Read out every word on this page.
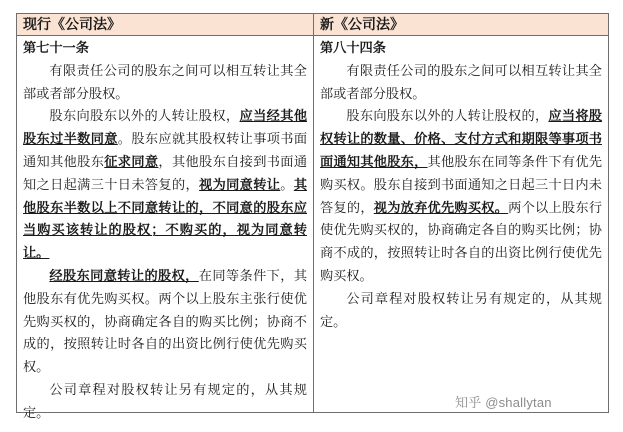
现行《公司法》
第七十一条

有限责任公司的股东之间可以相互转让其全部或者部分股权。

股东向股东以外的人转让股权，应当经其他股东过半数同意。股东应就其股权转让事项书面通知其他股东征求同意，其他股东自接到书面通知之日起满三十日未答复的，视为同意转让。其他股东半数以上不同意转让的，不同意的股东应当购买该转让的股权；不购买的，视为同意转让。

经股东同意转让的股权，在同等条件下，其他股东有优先购买权。两个以上股东主张行使优先购买权的，协商确定各自的购买比例；协商不成的，按照转让时各自的出资比例行使优先购买权。

公司章程对股权转让另有规定的，从其规定。

新《公司法》
第八十四条

有限责任公司的股东之间可以相互转让其全部或者部分股权。

股东向股东以外的人转让股权的，应当将股权转让的数量、价格、支付方式和期限等事项书面通知其他股东，其他股东在同等条件下有优先购买权。股东自接到书面通知之日起三十日内未答复的，视为放弃优先购买权。两个以上股东行使优先购买权的，协商确定各自的购买比例；协商不成的，按照转让时各自的出资比例行使优先购买权。

公司章程对股权转让另有规定的，从其规定。

知乎 @shallytan
